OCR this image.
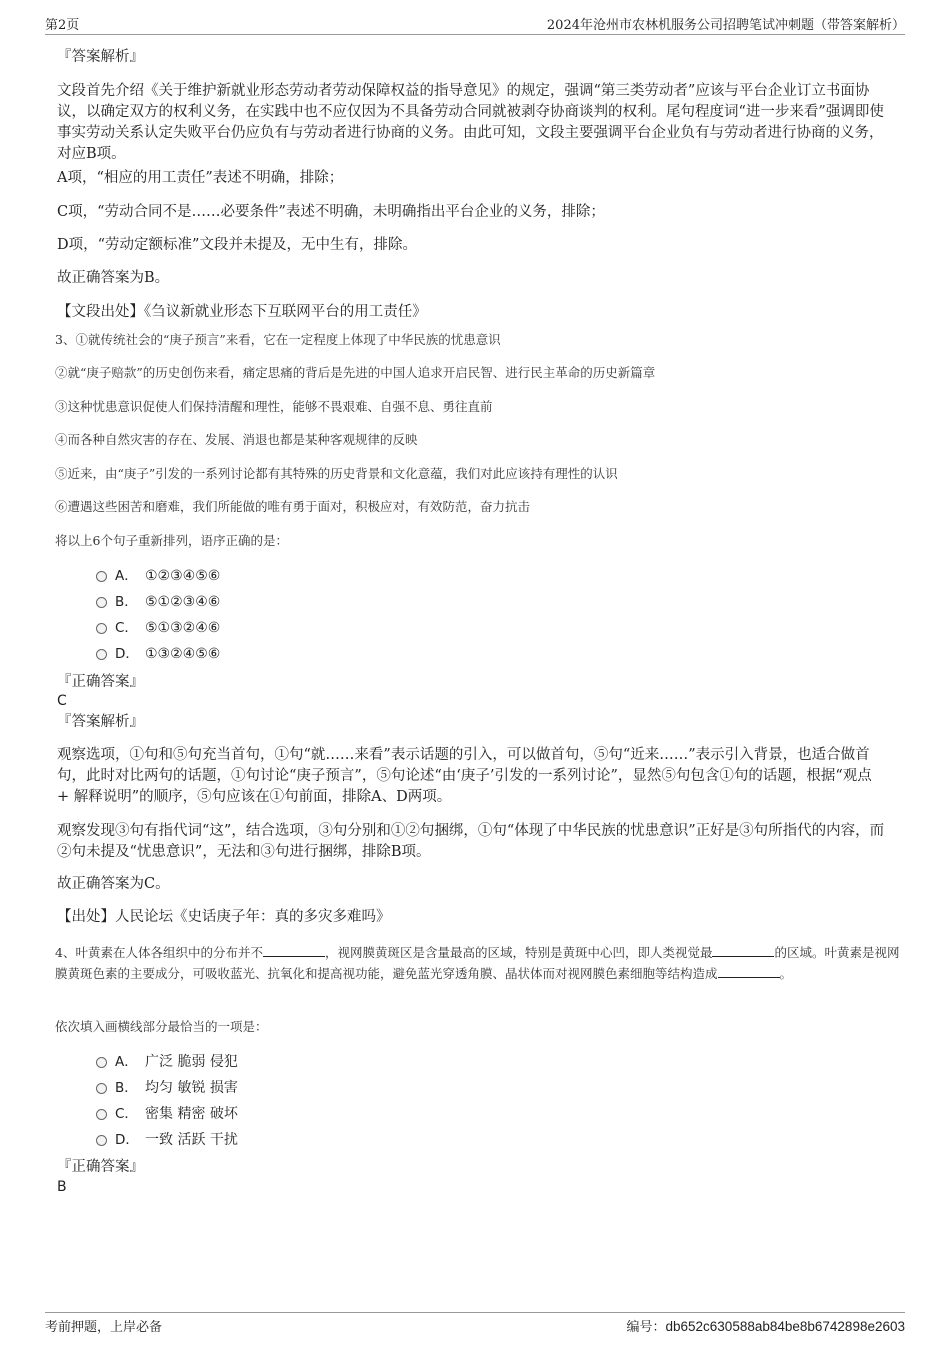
第2页	2024年沧州市农林机服务公司招聘笔试冲刺题（带答案解析）

『答案解析』

文段首先介绍《关于维护新就业形态劳动者劳动保障权益的指导意见》的规定，强调“第三类劳动者”应该与平台企业订立书面协议，以确定双方的权利义务，在实践中也不应仅因为不具备劳动合同就被剥夺协商谈判的权利。尾句程度词“进一步来看”强调即使事实劳动关系认定失败平台仍应负有与劳动者进行协商的义务。由此可知，文段主要强调平台企业负有与劳动者进行协商的义务，对应B项。

A项，“相应的用工责任”表述不明确，排除；

C项，“劳动合同不是……必要条件”表述不明确，未明确指出平台企业的义务，排除；

D项，“劳动定额标准”文段并未提及，无中生有，排除。

故正确答案为B。

【文段出处】《刍议新就业形态下互联网平台的用工责任》

3、①就传统社会的“庚子预言”来看，它在一定程度上体现了中华民族的忧患意识

②就“庚子赔款”的历史创伤来看，痛定思痛的背后是先进的中国人追求开启民智、进行民主革命的历史新篇章

③这种忧患意识促使人们保持清醒和理性，能够不畏艰难、自强不息、勇往直前

④而各种自然灾害的存在、发展、消退也都是某种客观规律的反映

⑤近来，由“庚子”引发的一系列讨论都有其特殊的历史背景和文化意蕴，我们对此应该持有理性的认识

⑥遭遇这些困苦和磨难，我们所能做的唯有勇于面对，积极应对，有效防范，奋力抗击

将以上6个句子重新排列，语序正确的是：

A． ①②③④⑤⑥
B． ⑤①②③④⑥
C． ⑤①③②④⑥
D． ①③②④⑤⑥

『正确答案』

C

『答案解析』

观察选项，①句和⑤句充当首句，①句“就……来看”表示话题的引入，可以做首句，⑤句“近来……”表示引入背景，也适合做首句，此时对比两句的话题，①句讨论“庚子预言”，⑤句论述“由‘庚子’引发的一系列讨论”，显然⑤句包含①句的话题，根据“观点 + 解释说明”的顺序，⑤句应该在①句前面，排除A、D两项。

观察发现③句有指代词“这”，结合选项，③句分别和①②句捆绑，①句“体现了中华民族的忧患意识”正好是③句所指代的内容，而②句未提及“忧患意识”，无法和③句进行捆绑，排除B项。

故正确答案为C。

【出处】人民论坛《史话庚子年：真的多灾多难吗》

4、叶黄素在人体各组织中的分布并不	，视网膜黄斑区是含量最高的区域，特别是黄斑中心凹，即人类视觉最	的区域。叶黄素是视网膜黄斑色素的主要成分，可吸收蓝光、抗氧化和提高视功能，避免蓝光穿透角膜、晶状体而对视网膜色素细胞等结构造成	。

依次填入画横线部分最恰当的一项是：

A． 广泛 脆弱 侵犯
B． 均匀 敏锐 损害
C． 密集 精密 破坏
D． 一致 活跃 干扰

『正确答案』

B

考前押题，上岸必备	编号：db652c630588ab84be8b6742898e2603
